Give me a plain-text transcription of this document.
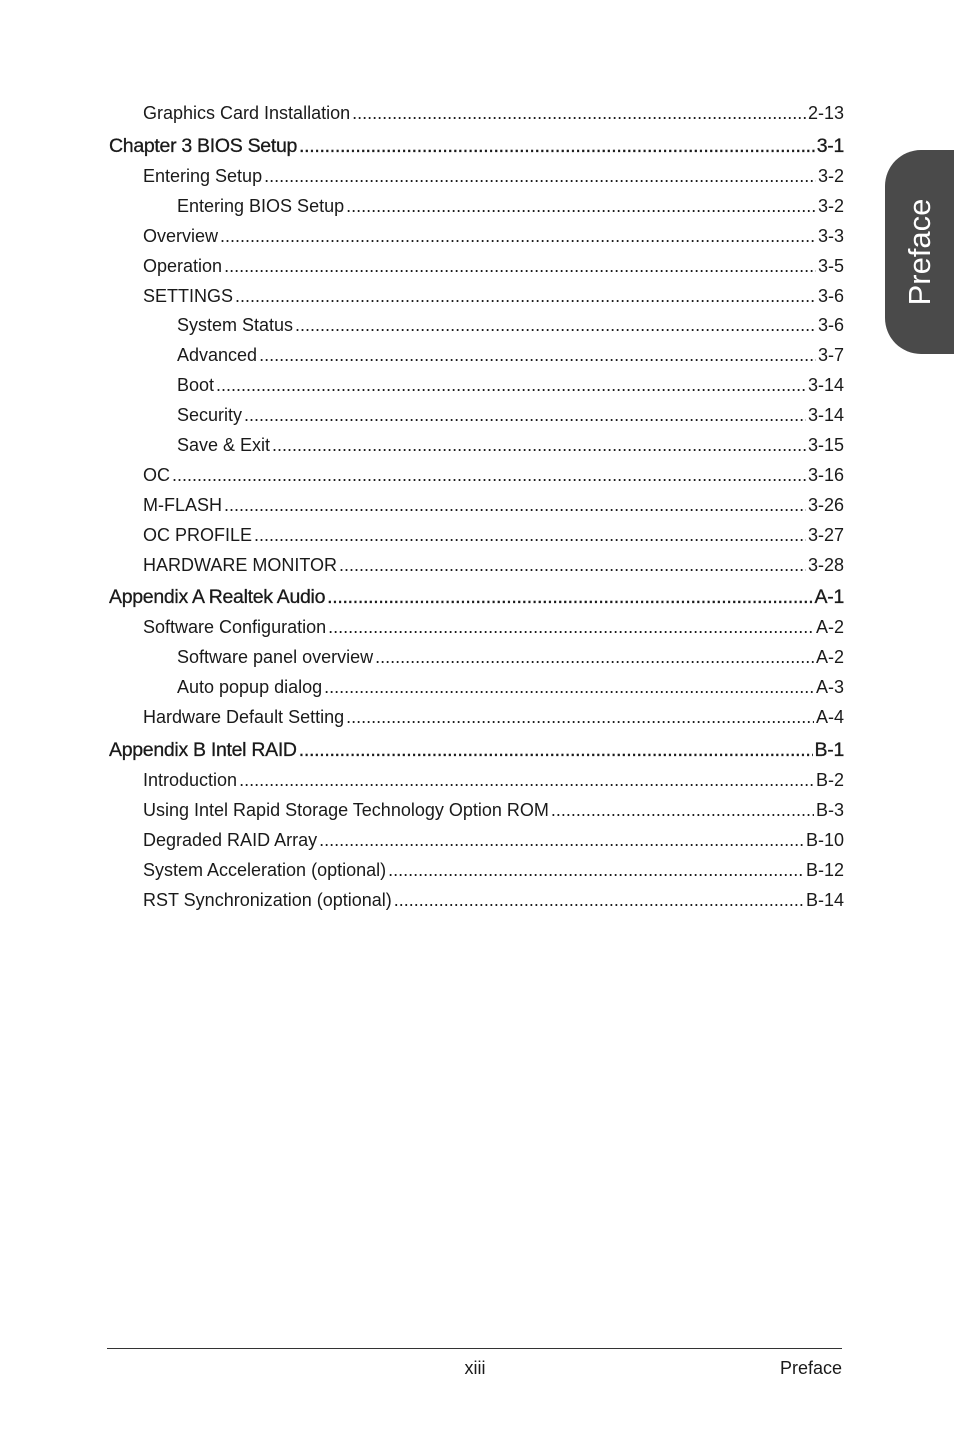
Graphics Card Installation .....	2-13
Chapter 3 BIOS Setup .....	3-1
Entering Setup .....	3-2
Entering BIOS Setup .....	3-2
Overview .....	3-3
Operation .....	3-5
SETTINGS .....	3-6
System Status .....	3-6
Advanced .....	3-7
Boot .....	3-14
Security .....	3-14
Save & Exit .....	3-15
OC .....	3-16
M-FLASH .....	3-26
OC PROFILE .....	3-27
HARDWARE MONITOR .....	3-28
Appendix A Realtek Audio .....	A-1
Software Configuration .....	A-2
Software panel overview .....	A-2
Auto popup dialog .....	A-3
Hardware Default Setting .....	A-4
Appendix B Intel RAID .....	B-1
Introduction .....	B-2
Using Intel Rapid Storage Technology Option ROM .....	B-3
Degraded RAID Array .....	B-10
System Acceleration (optional) .....	B-12
RST Synchronization (optional) .....	B-14
Preface
xiii	Preface
